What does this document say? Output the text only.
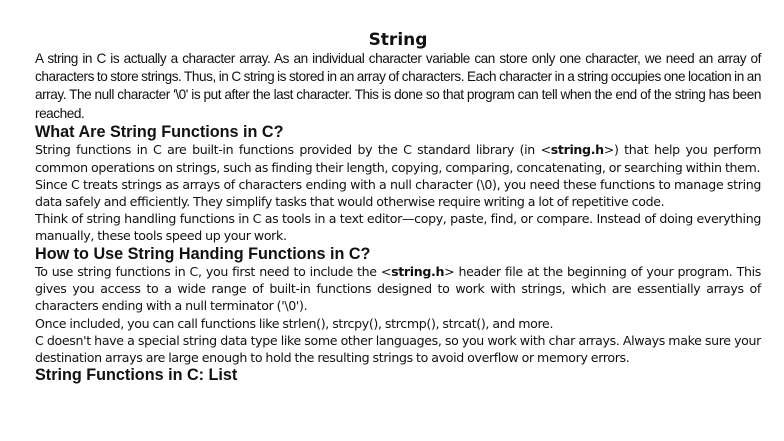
String

A string in C is actually a character array. As an individual character variable can store only one character, we need an array of characters to store strings. Thus, in C string is stored in an array of characters. Each character in a string occupies one location in an array. The null character '\0' is put after the last character. This is done so that program can tell when the end of the string has been reached.

What Are String Functions in C?

String functions in C are built-in functions provided by the C standard library (in <string.h>) that help you perform common operations on strings, such as finding their length, copying, comparing, concatenating, or searching within them.

Since C treats strings as arrays of characters ending with a null character (\0), you need these functions to manage string data safely and efficiently. They simplify tasks that would otherwise require writing a lot of repetitive code.

Think of string handling functions in C as tools in a text editor—copy, paste, find, or compare. Instead of doing everything manually, these tools speed up your work.

How to Use String Handing Functions in C?

To use string functions in C, you first need to include the <string.h> header file at the beginning of your program. This gives you access to a wide range of built-in functions designed to work with strings, which are essentially arrays of characters ending with a null terminator ('\0').

Once included, you can call functions like strlen(), strcpy(), strcmp(), strcat(), and more.

C doesn't have a special string data type like some other languages, so you work with char arrays. Always make sure your destination arrays are large enough to hold the resulting strings to avoid overflow or memory errors.

String Functions in C: List
